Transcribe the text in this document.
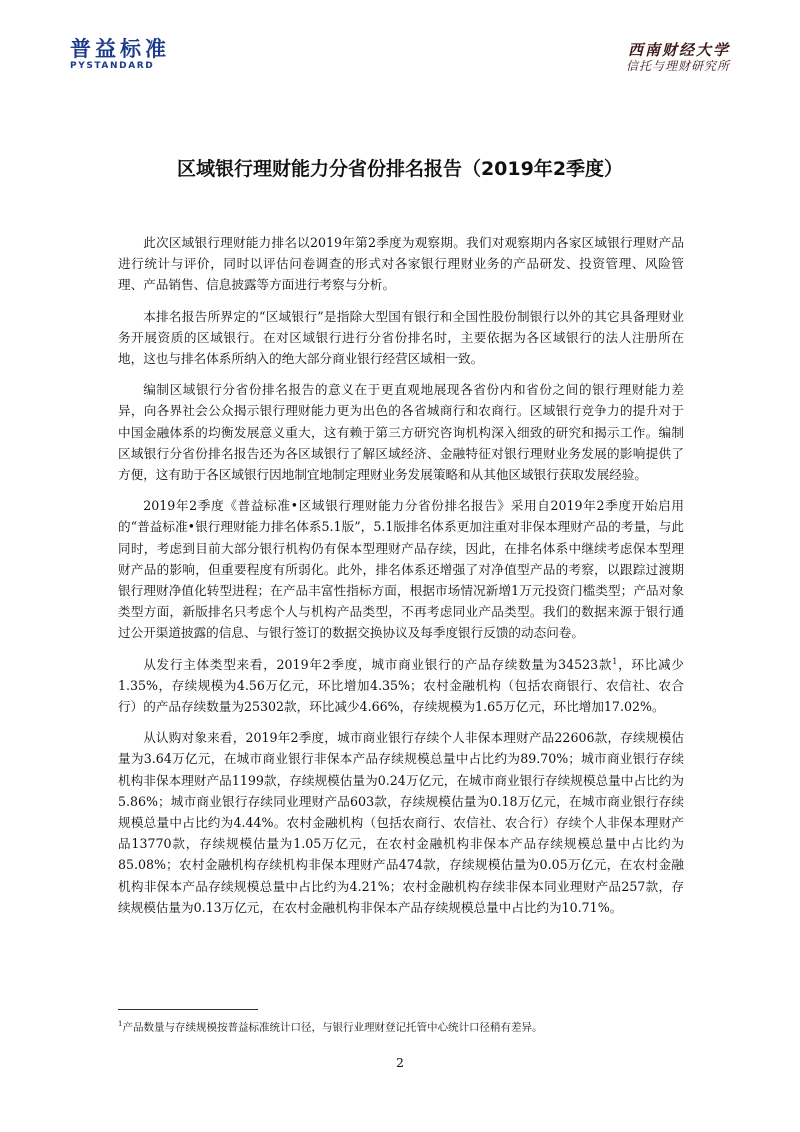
普益标准
PYSTANDARD
西南财经大学
信托与理财研究所
区域银行理财能力分省份排名报告（2019年2季度）

此次区域银行理财能力排名以2019年第2季度为观察期。我们对观察期内各家区域银行理财产品进行统计与评价，同时以评估问卷调查的形式对各家银行理财业务的产品研发、投资管理、风险管理、产品销售、信息披露等方面进行考察与分析。

本排名报告所界定的“区域银行”是指除大型国有银行和全国性股份制银行以外的其它具备理财业务开展资质的区域银行。在对区域银行进行分省份排名时，主要依据为各区域银行的法人注册所在地，这也与排名体系所纳入的绝大部分商业银行经营区域相一致。

编制区域银行分省份排名报告的意义在于更直观地展现各省份内和省份之间的银行理财能力差异，向各界社会公众揭示银行理财能力更为出色的各省城商行和农商行。区域银行竞争力的提升对于中国金融体系的均衡发展意义重大，这有赖于第三方研究咨询机构深入细致的研究和揭示工作。编制区域银行分省份排名报告还为各区域银行了解区域经济、金融特征对银行理财业务发展的影响提供了方便，这有助于各区域银行因地制宜地制定理财业务发展策略和从其他区域银行获取发展经验。

2019年2季度《普益标准•区域银行理财能力分省份排名报告》采用自2019年2季度开始启用的“普益标准•银行理财能力排名体系5.1版”，5.1版排名体系更加注重对非保本理财产品的考量，与此同时，考虑到目前大部分银行机构仍有保本型理财产品存续，因此，在排名体系中继续考虑保本型理财产品的影响，但重要程度有所弱化。此外，排名体系还增强了对净值型产品的考察，以跟踪过渡期银行理财净值化转型进程；在产品丰富性指标方面，根据市场情况新增1万元投资门槛类型；产品对象类型方面，新版排名只考虑个人与机构产品类型，不再考虑同业产品类型。我们的数据来源于银行通过公开渠道披露的信息、与银行签订的数据交换协议及每季度银行反馈的动态问卷。

从发行主体类型来看，2019年2季度，城市商业银行的产品存续数量为34523款$^1$，环比减少1.35%，存续规模为4.56万亿元，环比增加4.35%；农村金融机构（包括农商银行、农信社、农合行）的产品存续数量为25302款，环比减少4.66%，存续规模为1.65万亿元，环比增加17.02%。

从认购对象来看，2019年2季度，城市商业银行存续个人非保本理财产品22606款，存续规模估量为3.64万亿元，在城市商业银行非保本产品存续规模总量中占比约为89.70%；城市商业银行存续机构非保本理财产品1199款，存续规模估量为0.24万亿元，在城市商业银行存续规模总量中占比约为5.86%；城市商业银行存续同业理财产品603款，存续规模估量为0.18万亿元，在城市商业银行存续规模总量中占比约为4.44%。农村金融机构（包括农商行、农信社、农合行）存续个人非保本理财产品13770款，存续规模估量为1.05万亿元，在农村金融机构非保本产品存续规模总量中占比约为85.08%；农村金融机构存续机构非保本理财产品474款，存续规模估量为0.05万亿元，在农村金融机构非保本产品存续规模总量中占比约为4.21%；农村金融机构存续非保本同业理财产品257款，存续规模估量为0.13万亿元，在农村金融机构非保本产品存续规模总量中占比约为10.71%。

$^1$产品数量与存续规模按普益标准统计口径，与银行业理财登记托管中心统计口径稍有差异。
2
